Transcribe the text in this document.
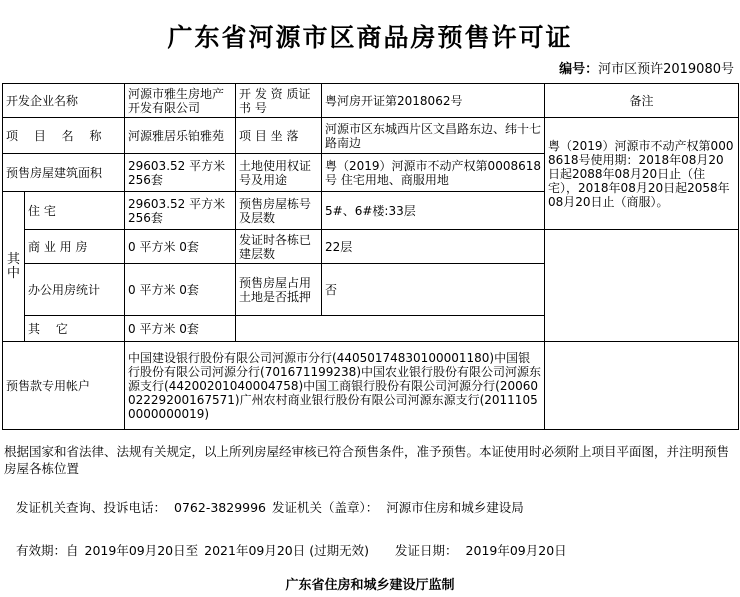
广东省河源市区商品房预售许可证
编号：河市区预许2019080号
开发企业名称		河源市雅生房地产开发有限公司	开 发 资 质证 书 号	粤河房开证第2018062号	备注
项 目 名 称		河源雅居乐铂雅苑	项 目 坐 落	河源市区东城西片区文昌路东边、纬十七路南边	粤（2019）河源市不动产权第0008618号使用期：2018年08月20日起2088年08月20日止（住宅），2018年08月20日起2058年08月20日止（商服）。
预售房屋建筑面积		29603.52 平方米 256套	土地使用权证号及用途	粤（2019）河源市不动产权第0008618号 住宅用地、商服用地	
其中	住 宅	29603.52 平方米256套	预售房屋栋号及层数	5#、6#楼:33层	
	商 业 用 房	0 平方米 0套	发证时各栋已建层数	22层	
	办公用房统计	0 平方米 0套	预售房屋占用土地是否抵押	否	
	其 它	0 平方米 0套			
预售款专用帐户		中国建设银行股份有限公司河源市分行(44050174830100001180)中国银行股份有限公司河源分行(701671199238)中国农业银行股份有限公司河源东源支行(44200201040004758)中国工商银行股份有限公司河源分行(2006002229200167571)广州农村商业银行股份有限公司河源东源支行(20111050000000019)			
根据国家和省法律、法规有关规定，以上所列房屋经审核已符合预售条件，准予预售。本证使用时必须附上项目平面图，并注明预售房屋各栋位置
发证机关查询、投诉电话： 0762-3829996 发证机关（盖章）： 河源市住房和城乡建设局
有效期：自 2019年09月20日至 2021年09月20日 (过期无效) 发证日期： 2019年09月20日
广东省住房和城乡建设厅监制
